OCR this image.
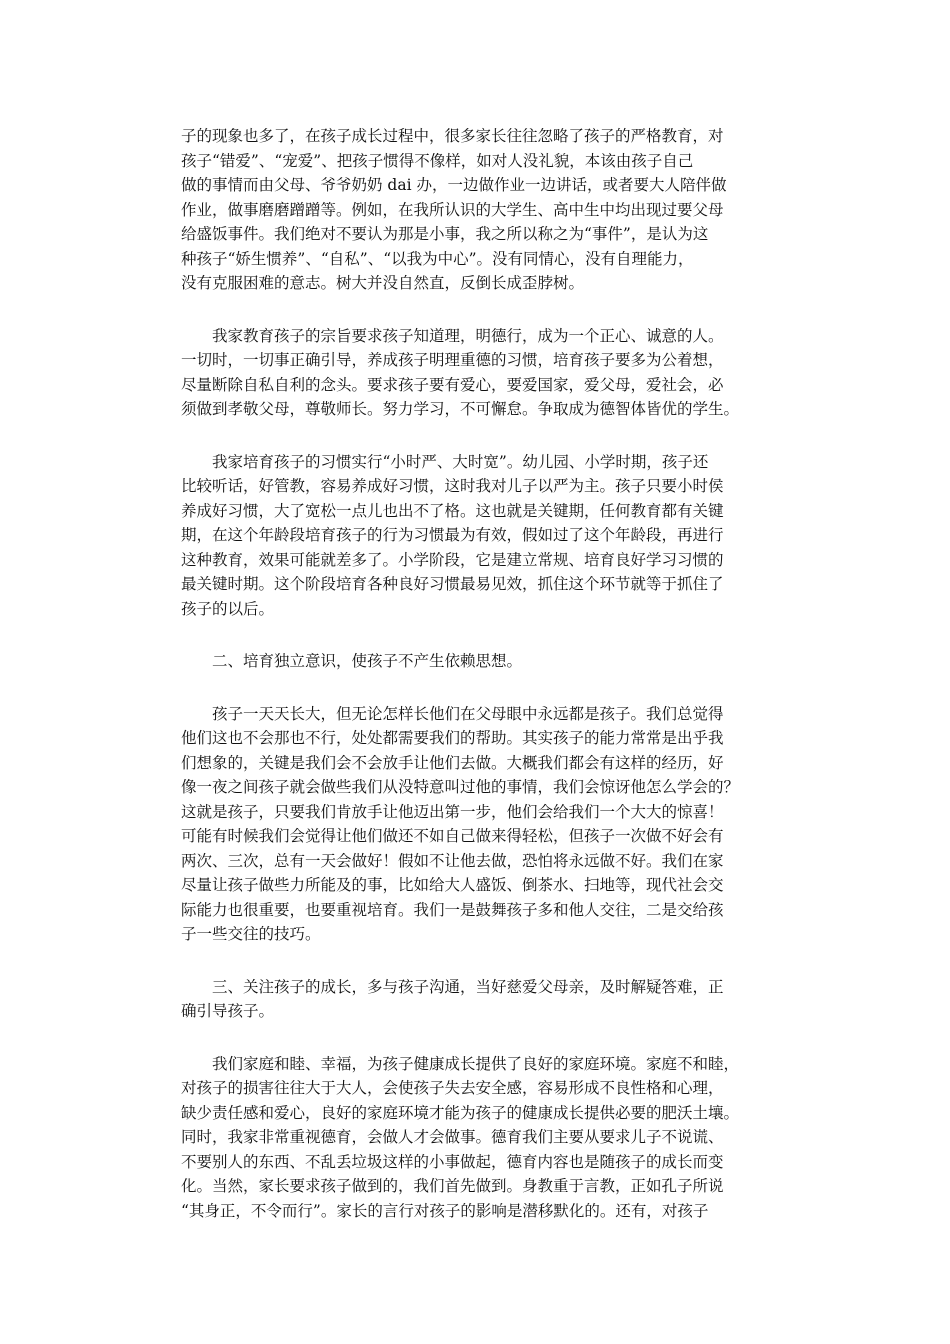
子的现象也多了，在孩子成长过程中，很多家长往往忽略了孩子的严格教育，对
孩子“错爱”、“宠爱”、把孩子惯得不像样，如对人没礼貌，本该由孩子自己
做的事情而由父母、爷爷奶奶 dai 办，一边做作业一边讲话，或者要大人陪伴做
作业，做事磨磨蹭蹭等。例如，在我所认识的大学生、高中生中均出现过要父母
给盛饭事件。我们绝对不要认为那是小事，我之所以称之为“事件”，是认为这
种孩子“娇生惯养”、“自私”、“以我为中心”。没有同情心，没有自理能力，
没有克服困难的意志。树大并没自然直，反倒长成歪脖树。
我家教育孩子的宗旨要求孩子知道理，明德行，成为一个正心、诚意的人。
一切时，一切事正确引导，养成孩子明理重德的习惯，培育孩子要多为公着想，
尽量断除自私自利的念头。要求孩子要有爱心，要爱国家，爱父母，爱社会，必
须做到孝敬父母，尊敬师长。努力学习，不可懈怠。争取成为德智体皆优的学生。
我家培育孩子的习惯实行“小时严、大时宽”。幼儿园、小学时期，孩子还
比较听话，好管教，容易养成好习惯，这时我对儿子以严为主。孩子只要小时侯
养成好习惯，大了宽松一点儿也出不了格。这也就是关键期，任何教育都有关键
期，在这个年龄段培育孩子的行为习惯最为有效，假如过了这个年龄段，再进行
这种教育，效果可能就差多了。小学阶段，它是建立常规、培育良好学习习惯的
最关键时期。这个阶段培育各种良好习惯最易见效，抓住这个环节就等于抓住了
孩子的以后。
二、培育独立意识，使孩子不产生依赖思想。
孩子一天天长大，但无论怎样长他们在父母眼中永远都是孩子。我们总觉得
他们这也不会那也不行，处处都需要我们的帮助。其实孩子的能力常常是出乎我
们想象的，关键是我们会不会放手让他们去做。大概我们都会有这样的经历，好
像一夜之间孩子就会做些我们从没特意叫过他的事情，我们会惊讶他怎么学会的？
这就是孩子，只要我们肯放手让他迈出第一步，他们会给我们一个大大的惊喜！
可能有时候我们会觉得让他们做还不如自己做来得轻松，但孩子一次做不好会有
两次、三次，总有一天会做好！假如不让他去做，恐怕将永远做不好。我们在家
尽量让孩子做些力所能及的事，比如给大人盛饭、倒茶水、扫地等，现代社会交
际能力也很重要，也要重视培育。我们一是鼓舞孩子多和他人交往，二是交给孩
子一些交往的技巧。
三、关注孩子的成长，多与孩子沟通，当好慈爱父母亲，及时解疑答难，正
确引导孩子。
我们家庭和睦、幸福，为孩子健康成长提供了良好的家庭环境。家庭不和睦，
对孩子的损害往往大于大人，会使孩子失去安全感，容易形成不良性格和心理，
缺少责任感和爱心，良好的家庭环境才能为孩子的健康成长提供必要的肥沃土壤。
同时，我家非常重视德育，会做人才会做事。德育我们主要从要求儿子不说谎、
不要别人的东西、不乱丢垃圾这样的小事做起，德育内容也是随孩子的成长而变
化。当然，家长要求孩子做到的，我们首先做到。身教重于言教，正如孔子所说
“其身正，不令而行”。家长的言行对孩子的影响是潜移默化的。还有，对孩子
